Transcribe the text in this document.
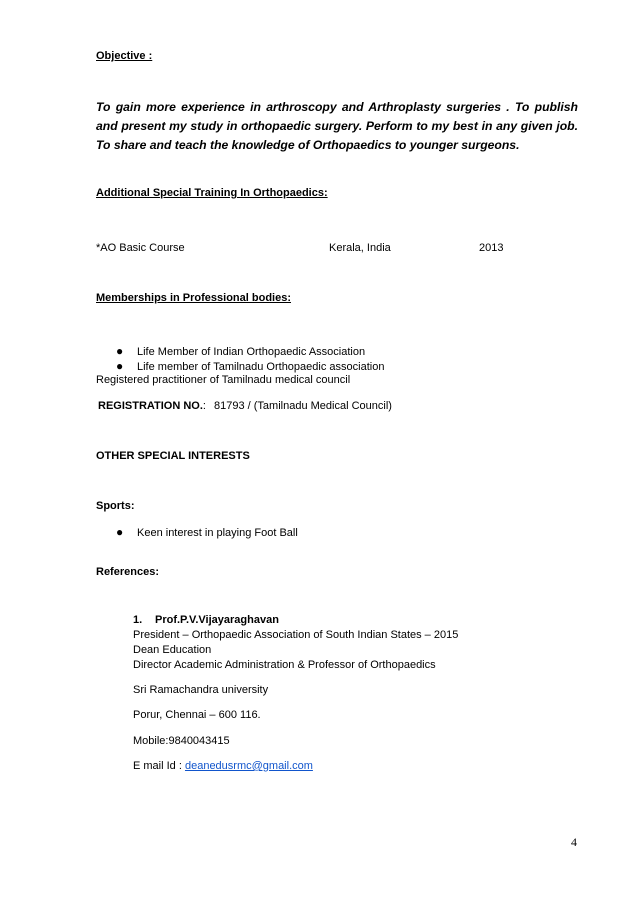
Objective :
To gain more experience in arthroscopy and Arthroplasty surgeries . To publish and present my study in orthopaedic surgery. Perform to my best in any given job. To share and teach the knowledge of Orthopaedics to younger surgeons.
Additional Special Training In Orthopaedics:
*AO Basic Course	Kerala, India	2013
Memberships in Professional bodies:
● Life Member of Indian Orthopaedic Association
● Life member of Tamilnadu Orthopaedic association
Registered practitioner of Tamilnadu medical council
REGISTRATION NO.: 81793 / (Tamilnadu Medical Council)
OTHER SPECIAL INTERESTS
Sports:
● Keen interest in playing Foot Ball
References:
1. Prof.P.V.Vijayaraghavan
President – Orthopaedic Association of South Indian States – 2015
Dean Education
Director Academic Administration & Professor of Orthopaedics
Sri Ramachandra university
Porur, Chennai – 600 116.
Mobile:9840043415
E mail Id : deanedusrmc@gmail.com
4
